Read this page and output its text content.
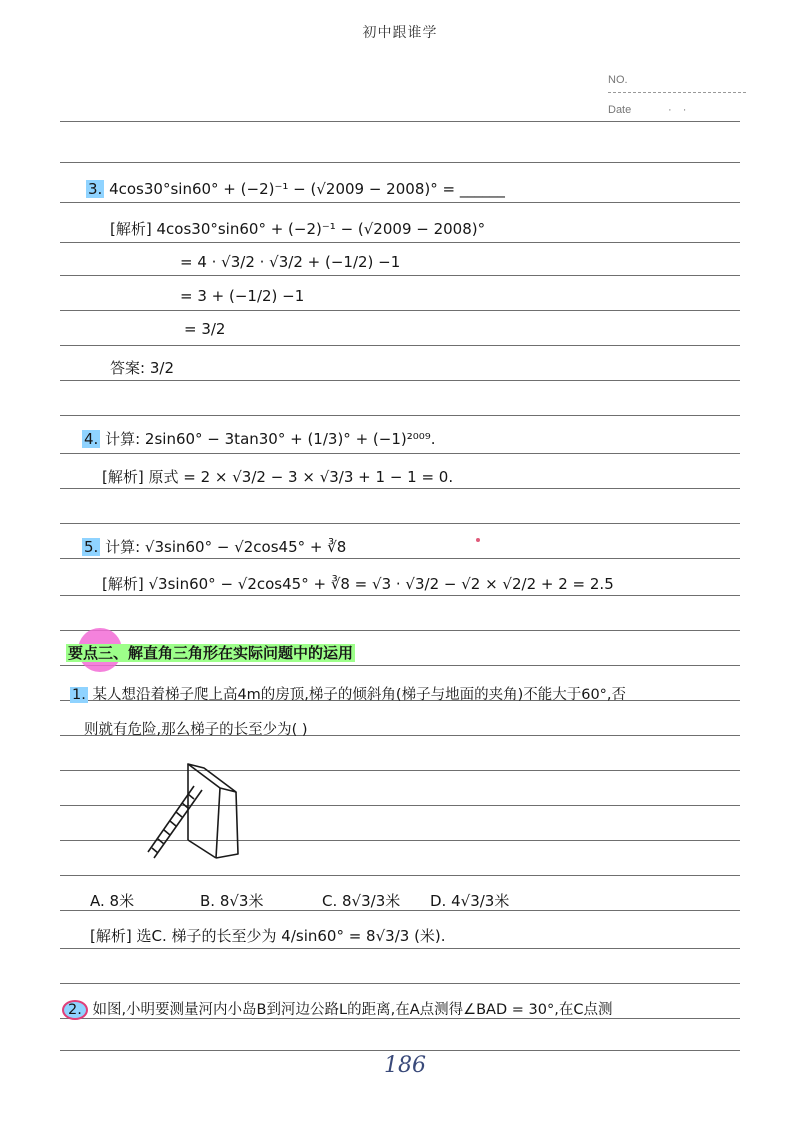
初中跟谁学
NO.
Date	· ·
3. 4cos30°sin60° + (−2)⁻¹ − (√2009 − 2008)° = ______
[解析] 4cos30°sin60° + (−2)⁻¹ − (√2009 − 2008)°
= 4 · √3/2 · √3/2 + (−1/2) −1
= 3 + (−1/2) −1
= 3/2
答案: 3/2
4. 计算: 2sin60° − 3tan30° + (1/3)° + (−1)²⁰⁰⁹.
[解析] 原式 = 2 × √3/2 − 3 × √3/3 + 1 − 1 = 0.
5. 计算: √3sin60° − √2cos45° + ∛8
[解析] √3sin60° − √2cos45° + ∛8 = √3 · √3/2 − √2 × √2/2 + 2 = 2.5
要点三、解直角三角形在实际问题中的运用
1. 某人想沿着梯子爬上高4m的房顶,梯子的倾斜角(梯子与地面的夹角)不能大于60°,否
则就有危险,那么梯子的长至少为( )
A. 8米	B. 8√3米	C. 8√3/3米 D. 4√3/3米
[解析] 选C. 梯子的长至少为 4/sin60° = 8√3/3 (米).
2. 如图,小明要测量河内小岛B到河边公路L的距离,在A点测得∠BAD = 30°,在C点测
186
